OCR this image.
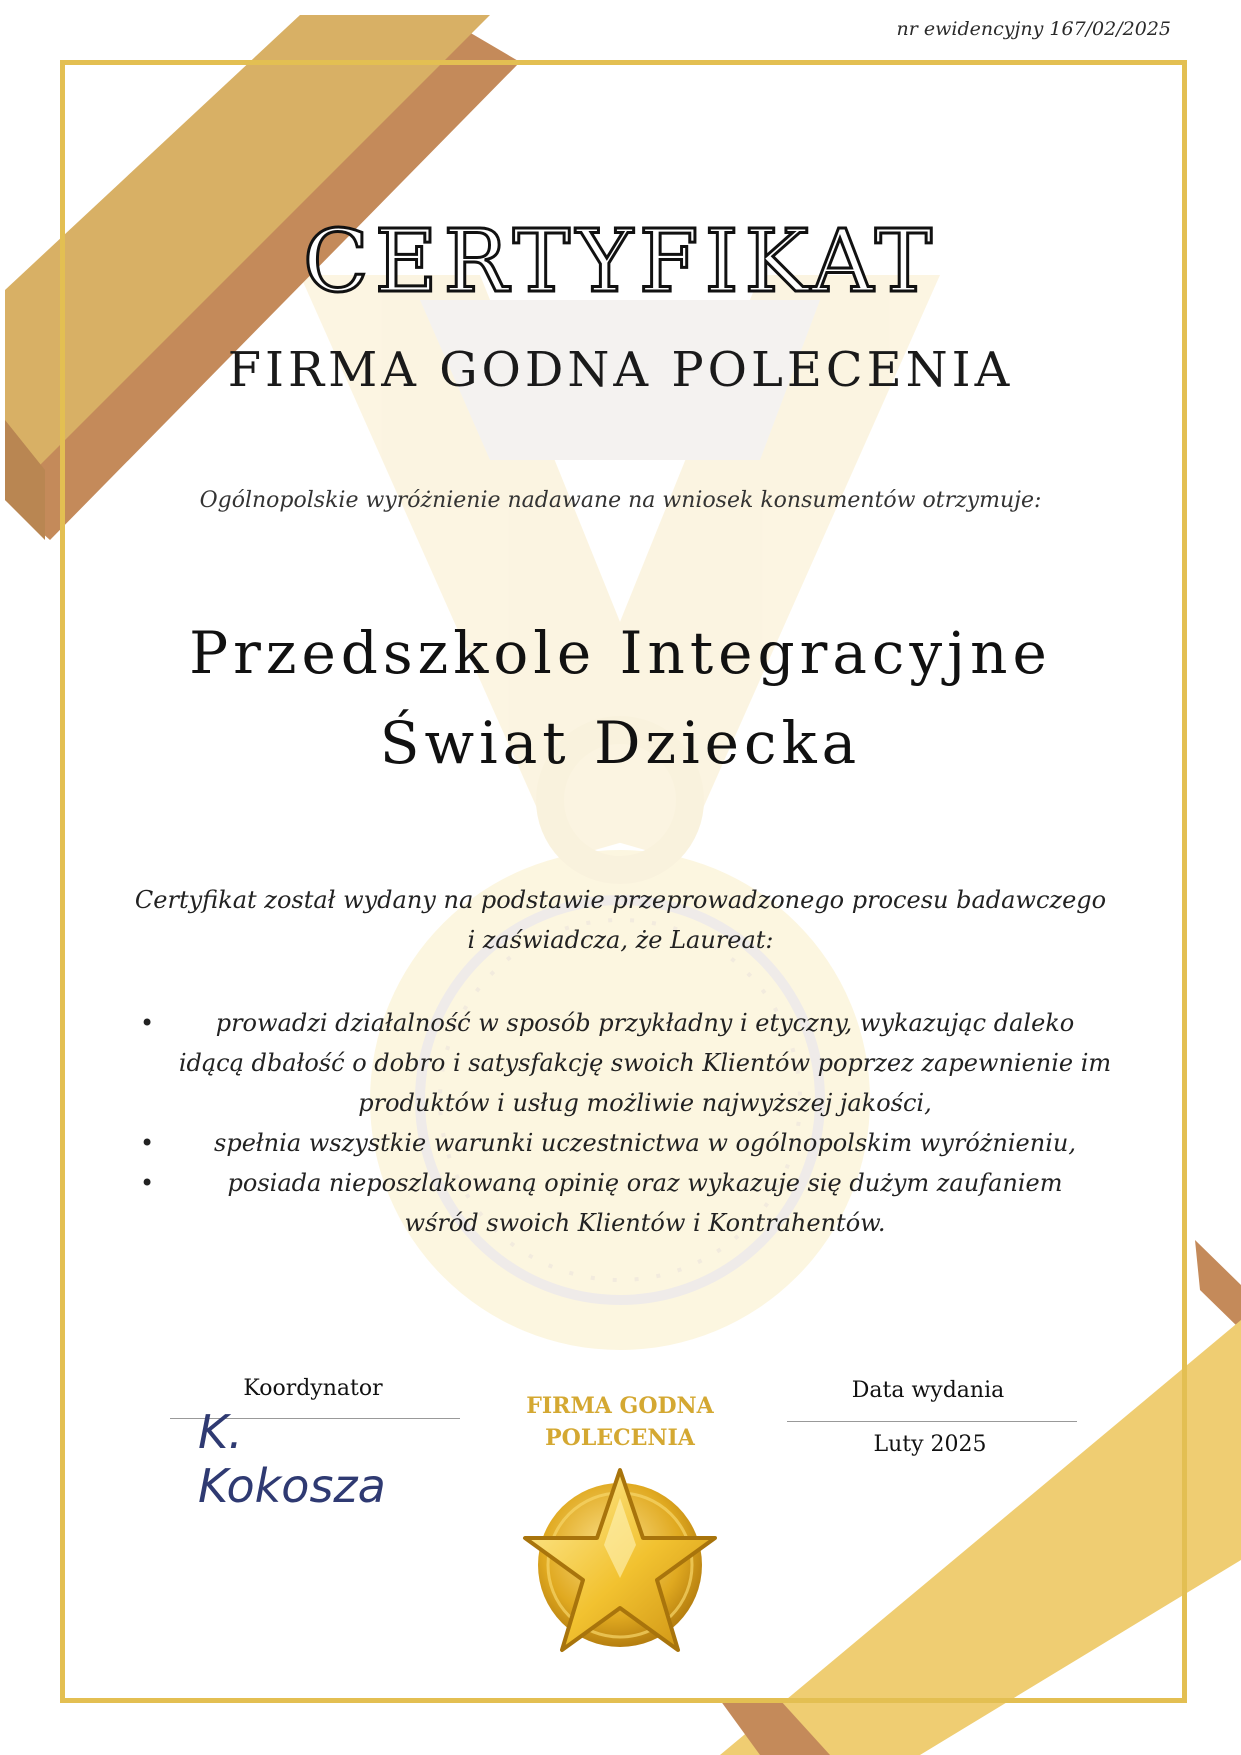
nr ewidencyjny 167/02/2025
CERTYFIKAT
FIRMA GODNA POLECENIA
Ogólnopolskie wyróżnienie nadawane na wniosek konsumentów otrzymuje:
Przedszkole Integracyjne
Świat Dziecka
Certyfikat został wydany na podstawie przeprowadzonego procesu badawczego
i zaświadcza, że Laureat:
•	prowadzi działalność w sposób przykładny i etyczny, wykazując daleko
idącą dbałość o dobro i satysfakcję swoich Klientów poprzez zapewnienie im
produktów i usług możliwie najwyższej jakości,
•	spełnia wszystkie warunki uczestnictwa w ogólnopolskim wyróżnieniu,
•	posiada nieposzlakowaną opinię oraz wykazuje się dużym zaufaniem
wśród swoich Klientów i Kontrahentów.
Koordynator
K. Kokosza
FIRMA GODNA
POLECENIA
Data wydania
Luty 2025
